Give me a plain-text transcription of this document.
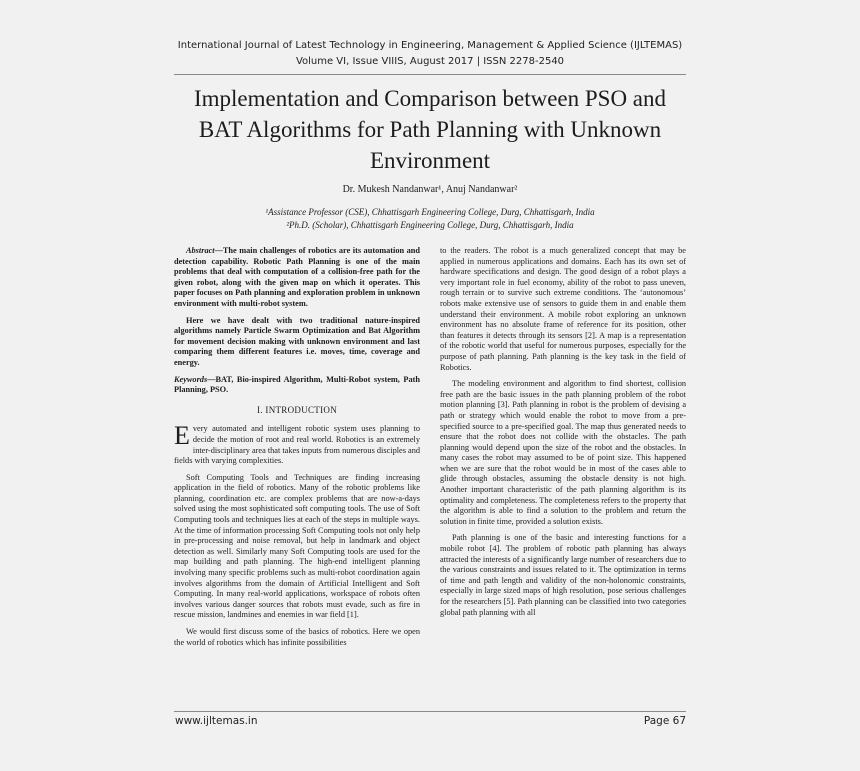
International Journal of Latest Technology in Engineering, Management & Applied Science (IJLTEMAS)
Volume VI, Issue VIIIS, August 2017 | ISSN 2278-2540
Implementation and Comparison between PSO and BAT Algorithms for Path Planning with Unknown Environment
Dr. Mukesh Nandanwar¹, Anuj Nandanwar²
¹Assistance Professor (CSE), Chhattisgarh Engineering College, Durg, Chhattisgarh, India
²Ph.D. (Scholar), Chhattisgarh Engineering College, Durg, Chhattisgarh, India

Abstract—The main challenges of robotics are its automation and detection capability. Robotic Path Planning is one of the main problems that deal with computation of a collision-free path for the given robot, along with the given map on which it operates. This paper focuses on Path planning and exploration problem in unknown environment with multi-robot system.

Here we have dealt with two traditional nature-inspired algorithms namely Particle Swarm Optimization and Bat Algorithm for movement decision making with unknown environment and last comparing them different features i.e. moves, time, coverage and energy.

Keywords—BAT, Bio-inspired Algorithm, Multi-Robot system, Path Planning, PSO.

I. INTRODUCTION

Every automated and intelligent robotic system uses planning to decide the motion of root and real world. Robotics is an extremely inter-disciplinary area that takes inputs from numerous disciples and fields with varying complexities.

Soft Computing Tools and Techniques are finding increasing application in the field of robotics. Many of the robotic problems like planning, coordination etc. are complex problems that are now-a-days solved using the most sophisticated soft computing tools. The use of Soft Computing tools and techniques lies at each of the steps in multiple ways. At the time of information processing Soft Computing tools not only help in pre-processing and noise removal, but help in landmark and object detection as well. Similarly many Soft Computing tools are used for the map building and path planning. The high-end intelligent planning involving many specific problems such as multi-robot coordination again involves algorithms from the domain of Artificial Intelligent and Soft Computing. In many real-world applications, workspace of robots often involves various danger sources that robots must evade, such as fire in rescue mission, landmines and enemies in war field [1].

We would first discuss some of the basics of robotics. Here we open the world of robotics which has infinite possibilities

to the readers. The robot is a much generalized concept that may be applied in numerous applications and domains. Each has its own set of hardware specifications and design. The good design of a robot plays a very important role in fuel economy, ability of the robot to pass uneven, rough terrain or to survive such extreme conditions. The ‘autonomous’ robots make extensive use of sensors to guide them in and enable them understand their environment. A mobile robot exploring an unknown environment has no absolute frame of reference for its position, other than features it detects through its sensors [2]. A map is a representation of the robotic world that useful for numerous purposes, especially for the purpose of path planning. Path planning is the key task in the field of Robotics.

The modeling environment and algorithm to find shortest, collision free path are the basic issues in the path planning problem of the robot motion planning [3]. Path planning in robot is the problem of devising a path or strategy which would enable the robot to move from a pre-specified source to a pre-specified goal. The map thus generated needs to ensure that the robot does not collide with the obstacles. The path planning would depend upon the size of the robot and the obstacles. In many cases the robot may assumed to be of point size. This happened when we are sure that the robot would be in most of the cases able to glide through obstacles, assuming the obstacle density is not high. Another important characteristic of the path planning algorithm is its optimality and completeness. The completeness refers to the property that the algorithm is able to find a solution to the problem and return the solution in finite time, provided a solution exists.

Path planning is one of the basic and interesting functions for a mobile robot [4]. The problem of robotic path planning has always attracted the interests of a significantly large number of researchers due to the various constraints and issues related to it. The optimization in terms of time and path length and validity of the non-holonomic constraints, especially in large sized maps of high resolution, pose serious challenges for the researchers [5]. Path planning can be classified into two categories global path planning with all

www.ijltemas.in	Page 67
